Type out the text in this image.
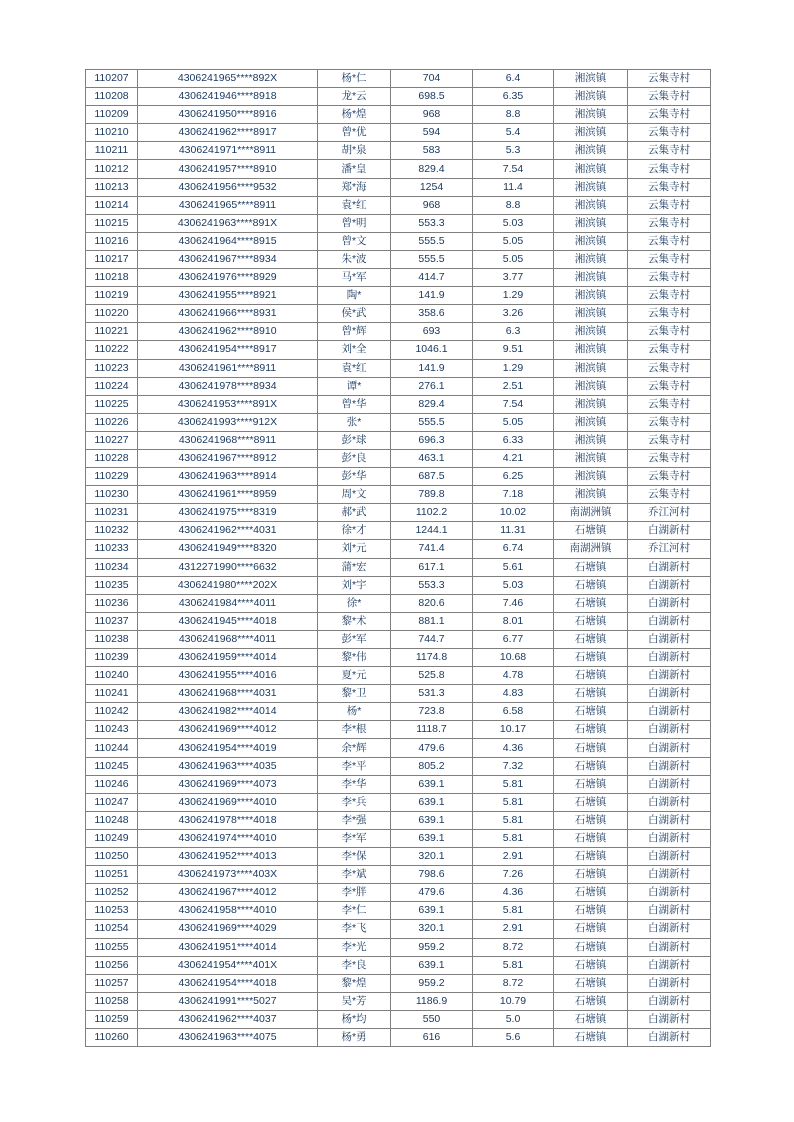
110207	4306241965****892X	杨*仁	704	6.4	湘滨镇	云集寺村
110208	4306241946****8918	龙*云	698.5	6.35	湘滨镇	云集寺村
110209	4306241950****8916	杨*煌	968	8.8	湘滨镇	云集寺村
110210	4306241962****8917	曾*优	594	5.4	湘滨镇	云集寺村
110211	4306241971****8911	胡*泉	583	5.3	湘滨镇	云集寺村
110212	4306241957****8910	潘*皇	829.4	7.54	湘滨镇	云集寺村
110213	4306241956****9532	郑*海	1254	11.4	湘滨镇	云集寺村
110214	4306241965****8911	袁*红	968	8.8	湘滨镇	云集寺村
110215	4306241963****891X	曾*明	553.3	5.03	湘滨镇	云集寺村
110216	4306241964****8915	曾*文	555.5	5.05	湘滨镇	云集寺村
110217	4306241967****8934	朱*波	555.5	5.05	湘滨镇	云集寺村
110218	4306241976****8929	马*军	414.7	3.77	湘滨镇	云集寺村
110219	4306241955****8921	陶*	141.9	1.29	湘滨镇	云集寺村
110220	4306241966****8931	侯*武	358.6	3.26	湘滨镇	云集寺村
110221	4306241962****8910	曾*辉	693	6.3	湘滨镇	云集寺村
110222	4306241954****8917	刘*全	1046.1	9.51	湘滨镇	云集寺村
110223	4306241961****8911	袁*红	141.9	1.29	湘滨镇	云集寺村
110224	4306241978****8934	谭*	276.1	2.51	湘滨镇	云集寺村
110225	4306241953****891X	曾*华	829.4	7.54	湘滨镇	云集寺村
110226	4306241993****912X	张*	555.5	5.05	湘滨镇	云集寺村
110227	4306241968****8911	彭*球	696.3	6.33	湘滨镇	云集寺村
110228	4306241967****8912	彭*良	463.1	4.21	湘滨镇	云集寺村
110229	4306241963****8914	彭*华	687.5	6.25	湘滨镇	云集寺村
110230	4306241961****8959	周*文	789.8	7.18	湘滨镇	云集寺村
110231	4306241975****8319	郝*武	1102.2	10.02	南湖洲镇	乔江河村
110232	4306241962****4031	徐*才	1244.1	11.31	石塘镇	白湖新村
110233	4306241949****8320	刘*元	741.4	6.74	南湖洲镇	乔江河村
110234	4312271990****6632	蒲*宏	617.1	5.61	石塘镇	白湖新村
110235	4306241980****202X	刘*宇	553.3	5.03	石塘镇	白湖新村
110236	4306241984****4011	徐*	820.6	7.46	石塘镇	白湖新村
110237	4306241945****4018	黎*术	881.1	8.01	石塘镇	白湖新村
110238	4306241968****4011	彭*军	744.7	6.77	石塘镇	白湖新村
110239	4306241959****4014	黎*伟	1174.8	10.68	石塘镇	白湖新村
110240	4306241955****4016	夏*元	525.8	4.78	石塘镇	白湖新村
110241	4306241968****4031	黎*卫	531.3	4.83	石塘镇	白湖新村
110242	4306241982****4014	杨*	723.8	6.58	石塘镇	白湖新村
110243	4306241969****4012	李*根	1118.7	10.17	石塘镇	白湖新村
110244	4306241954****4019	余*辉	479.6	4.36	石塘镇	白湖新村
110245	4306241963****4035	李*平	805.2	7.32	石塘镇	白湖新村
110246	4306241969****4073	李*华	639.1	5.81	石塘镇	白湖新村
110247	4306241969****4010	李*兵	639.1	5.81	石塘镇	白湖新村
110248	4306241978****4018	李*强	639.1	5.81	石塘镇	白湖新村
110249	4306241974****4010	李*军	639.1	5.81	石塘镇	白湖新村
110250	4306241952****4013	李*保	320.1	2.91	石塘镇	白湖新村
110251	4306241973****403X	李*斌	798.6	7.26	石塘镇	白湖新村
110252	4306241967****4012	李*胖	479.6	4.36	石塘镇	白湖新村
110253	4306241958****4010	李*仁	639.1	5.81	石塘镇	白湖新村
110254	4306241969****4029	李*飞	320.1	2.91	石塘镇	白湖新村
110255	4306241951****4014	李*光	959.2	8.72	石塘镇	白湖新村
110256	4306241954****401X	李*良	639.1	5.81	石塘镇	白湖新村
110257	4306241954****4018	黎*煌	959.2	8.72	石塘镇	白湖新村
110258	4306241991****5027	吴*芳	1186.9	10.79	石塘镇	白湖新村
110259	4306241962****4037	杨*均	550	5.0	石塘镇	白湖新村
110260	4306241963****4075	杨*勇	616	5.6	石塘镇	白湖新村
